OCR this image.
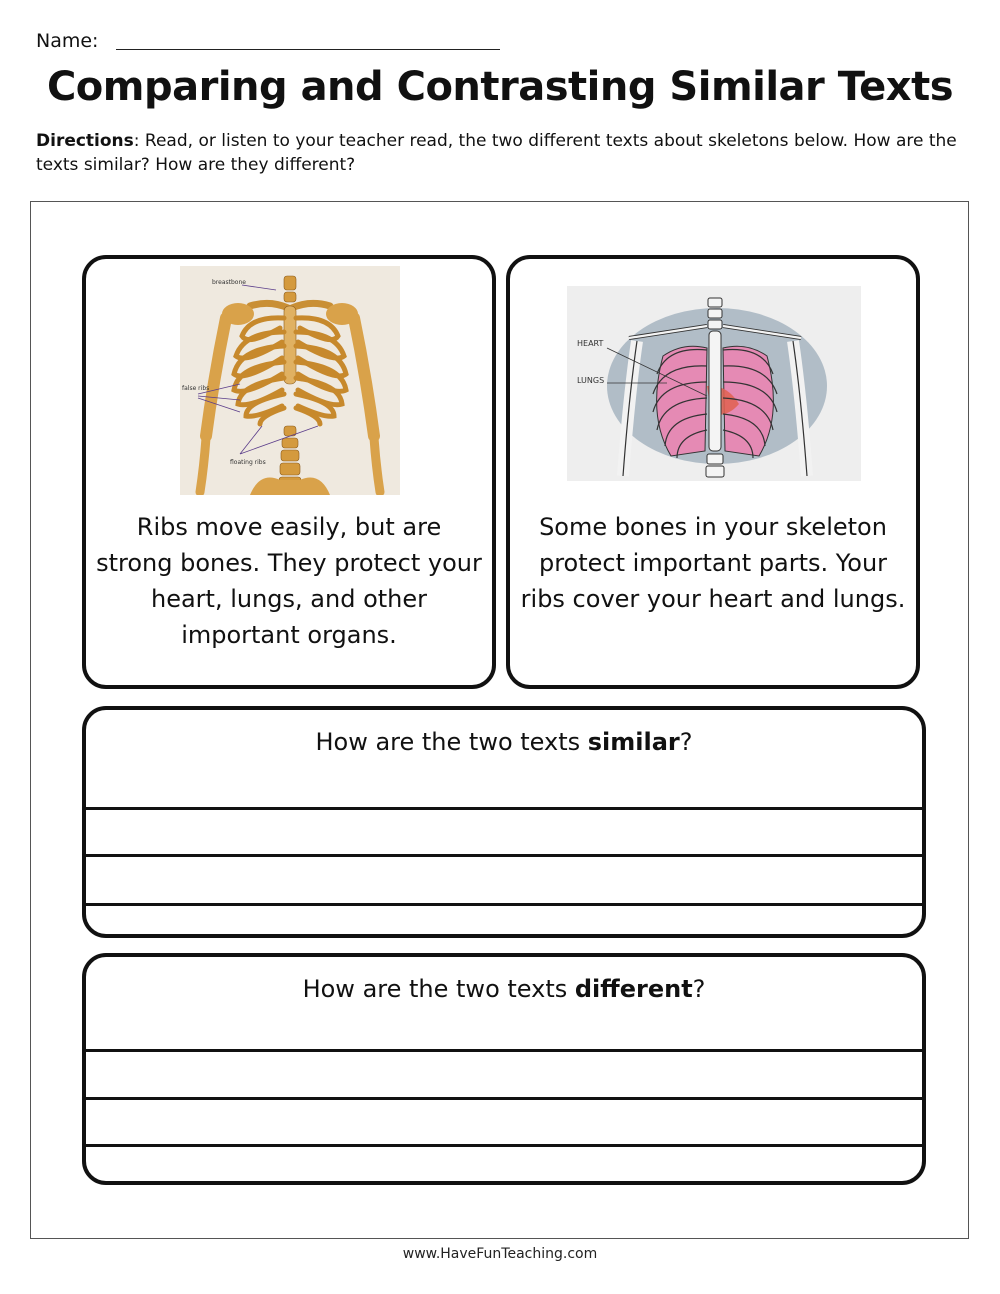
Name:
Comparing and Contrasting Similar Texts
Directions: Read, or listen to your teacher read, the two different texts about skeletons below. How are the texts similar? How are they different?
breastbone
false ribs
floating ribs
Ribs move easily, but are strong bones. They protect your heart, lungs, and other important organs.
HEART
LUNGS
Some bones in your skeleton protect important parts. Your ribs cover your heart and lungs.
How are the two texts similar?
How are the two texts different?
www.HaveFunTeaching.com
